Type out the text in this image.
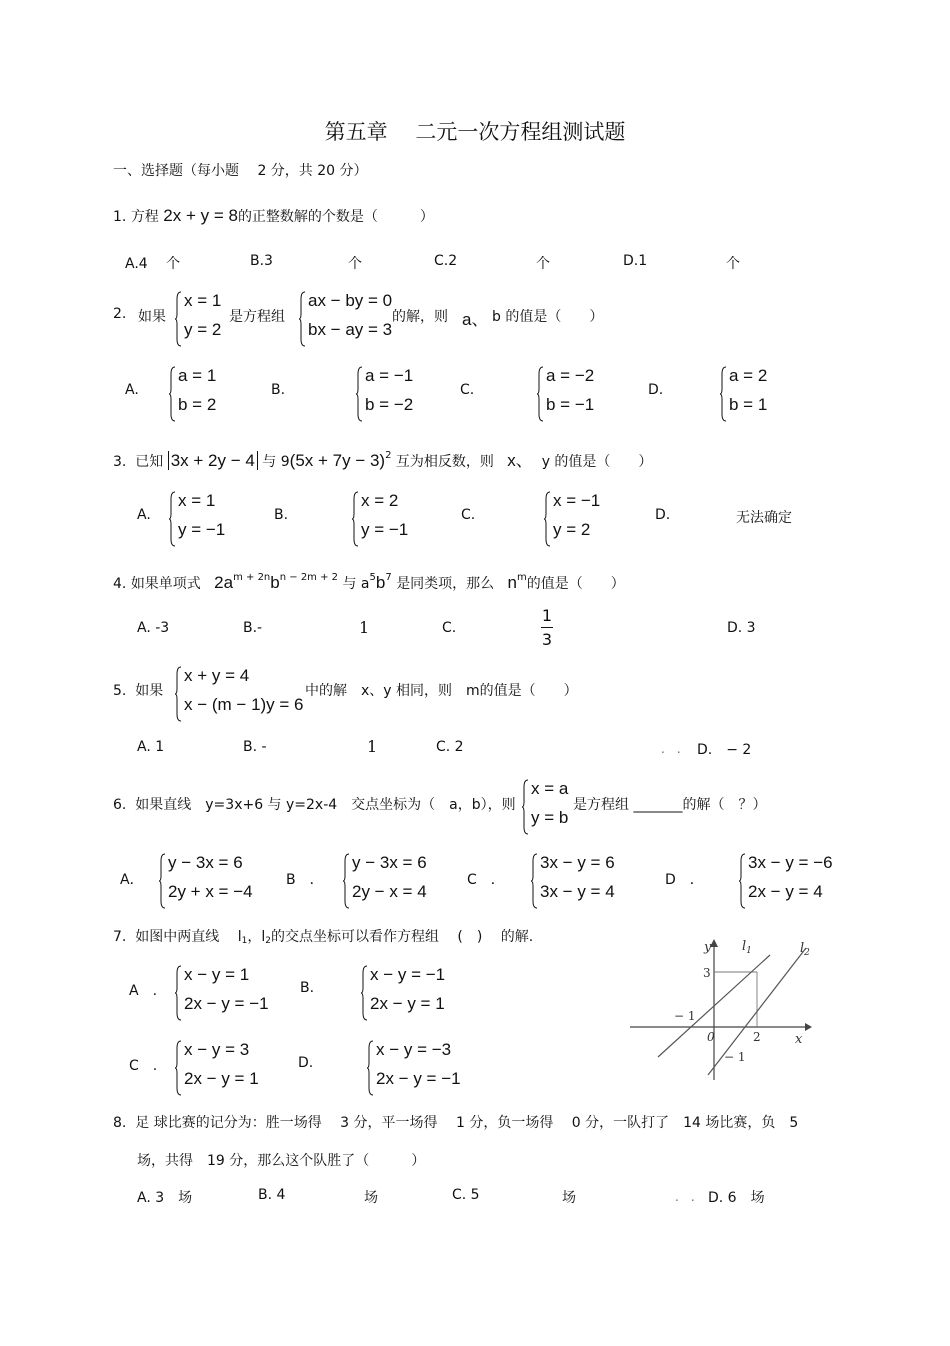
第五章　 二元一次方程组测试题
一、选择题（每小题　 2 分，共 20 分）
1. 方程 2x + y = 8的正整数解的个数是（　　　）
A.4　 个	B.3	个	C.2	个	D.1	个
2. 如果
x = 1
y = 2
是方程组
ax − by = 0
bx − ay = 3
的解，则 a、 b 的值是（　　）
A.
a = 1
b = 2
B.
a = −1
b = −2
C.
a = −2
b = −1
D.
a = 2
b = 1
3. 已知 3x + 2y − 4 与 $9(5x + 7y - 3)^2$ 互为相反数，则 x、 y 的值是（　　）
A.
x = 1
y = −1
B.
x = 2
y = −1
C.
x = −1
y = 2
D.	无法确定
4. 如果单项式 $2a^{m + 2n}b^{n - 2m + 2}$ 与 $a^5b^7$ 是同类项，那么 $n^m$的值是（　　）
A. -3	B.-	1	C.
1
3
D. 3
5. 如果
x + y = 4
x − (m − 1)y = 6
中的解　x、y 相同，则　m的值是（　　）
A. 1	B. -	1	C. 2	.　. D.　− 2
6. 如果直线　y=3x+6 与 y=2x-4　交点坐标为（　a，b），则
x = a
y = b
是方程组 _______的解（　？）
A．
y − 3x = 6
2y + x = −4
B　．
y − 3x = 6
2y − x = 4
C　．
3x − y = 6
3x − y = 4
D　．
3x − y = −6
2x − y = 4
7. 如图中两直线　 l1，l2的交点坐标可以看作方程组　 (　)　 的解.
A　.
x − y = 1
2x − y = −1
B.
x − y = −1
2x − y = 1
C　.
x − y = 3
2x − y = 1
D.
x − y = −3
2x − y = −1
y
x
$l_1$	$l_2$
3
− 1
0	2
− 1
8. 足 球比赛的记分为：胜一场得　 3 分，平一场得　 1 分，负一场得　 0 分，一队打了　14 场比赛，负　5
场，共得　19 分，那么这个队胜了（　　　）
A. 3　场	B. 4	场	C. 5	场	.　. D. 6　场
